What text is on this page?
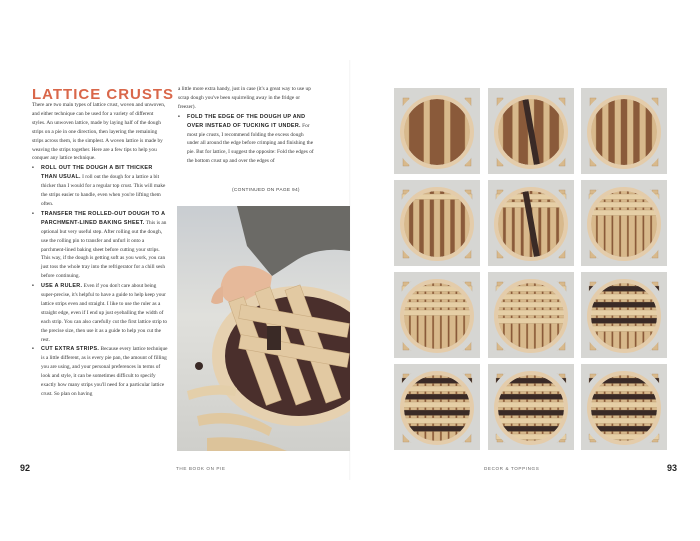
LATTICE CRUSTS

There are two main types of lattice crust, woven and unwoven, and either technique can be used for a variety of different styles. An unwoven lattice, made by laying half of the dough strips on a pie in one direction, then layering the remaining strips across them, is the simplest. A woven lattice is made by weaving the strips together. Here are a few tips to help you conquer any lattice technique.

• ROLL OUT THE DOUGH A BIT THICKER THAN USUAL. I roll out the dough for a lattice a bit thicker than I would for a regular top crust. This will make the strips easier to handle, even when you're lifting them often.
• TRANSFER THE ROLLED-OUT DOUGH TO A PARCHMENT-LINED BAKING SHEET. This is an optional but very useful step. After rolling out the dough, use the rolling pin to transfer and unfurl it onto a parchment-lined baking sheet before cutting your strips. This way, if the dough is getting soft as you work, you can just toss the whole tray into the refrigerator for a chill sesh before continuing.
• USE A RULER. Even if you don't care about being super-precise, it's helpful to have a guide to help keep your lattice strips even and straight. I like to use the ruler as a straight edge, even if I end up just eyeballing the width of each strip. You can also carefully cut the first lattice strip to the precise size, then use it as a guide to help you cut the rest.
• CUT EXTRA STRIPS. Because every lattice technique is a little different, as is every pie pan, the amount of filling you are using, and your personal preferences in terms of look and style, it can be sometimes difficult to specify exactly how many strips you'll need for a particular lattice crust. So plan on having

a little more extra handy, just in case (it's a great way to use up scrap dough you've been squirreling away in the fridge or freezer).

• FOLD THE EDGE OF THE DOUGH UP AND OVER INSTEAD OF TUCKING IT UNDER. For most pie crusts, I recommend folding the excess dough under all around the edge before crimping and finishing the pie. But for lattice, I suggest the opposite: Fold the edges of the bottom crust up and over the edges of
(CONTINUED ON PAGE 94)
92	THE BOOK ON PIE	DECOR & TOPPINGS	93
